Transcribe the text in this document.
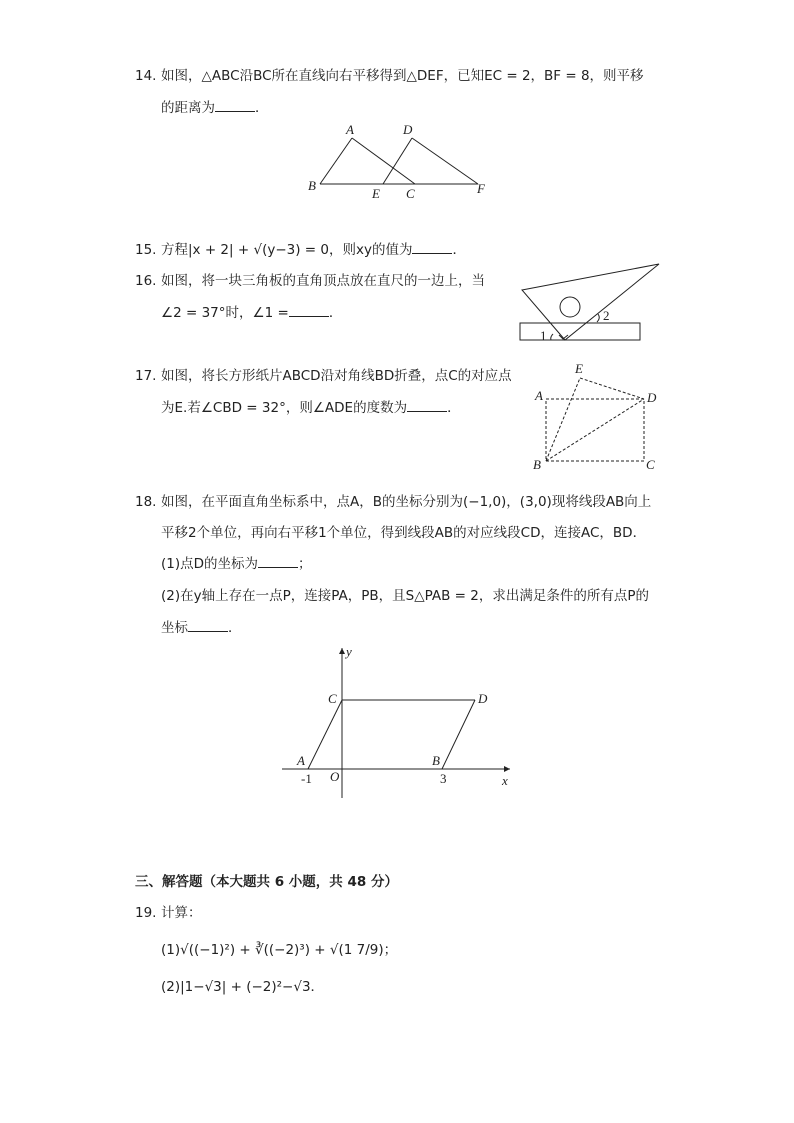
14. 如图，△ABC沿BC所在直线向右平移得到△DEF，已知EC = 2，BF = 8，则平移
的距离为	．
A	D
B
E C	F
15. 方程|x + 2| + √(y−3) = 0，则xy的值为	．
16. 如图，将一块三角板的直角顶点放在直尺的一边上，当
∠2 = 37°时，∠1 =	．
1
2
17. 如图，将长方形纸片ABCD沿对角线BD折叠，点C的对应点
为E.若∠CBD = 32°，则∠ADE的度数为	．
E
A	D
B	C
18. 如图，在平面直角坐标系中，点A，B的坐标分别为(−1,0)，(3,0)现将线段AB向上
平移2个单位，再向右平移1个单位，得到线段AB的对应线段CD，连接AC，BD．
(1)点D的坐标为	；
(2)在y轴上存在一点P，连接PA，PB，且S△PAB = 2，求出满足条件的所有点P的
坐标	．
y
C	D
A	B
O
-1	3	x
三、解答题（本大题共 6 小题，共 48 分）
19. 计算：
(1)√((−1)²) + ∛((−2)³) + √(1 7/9)；
(2)|1−√3| + (−2)²−√3．
